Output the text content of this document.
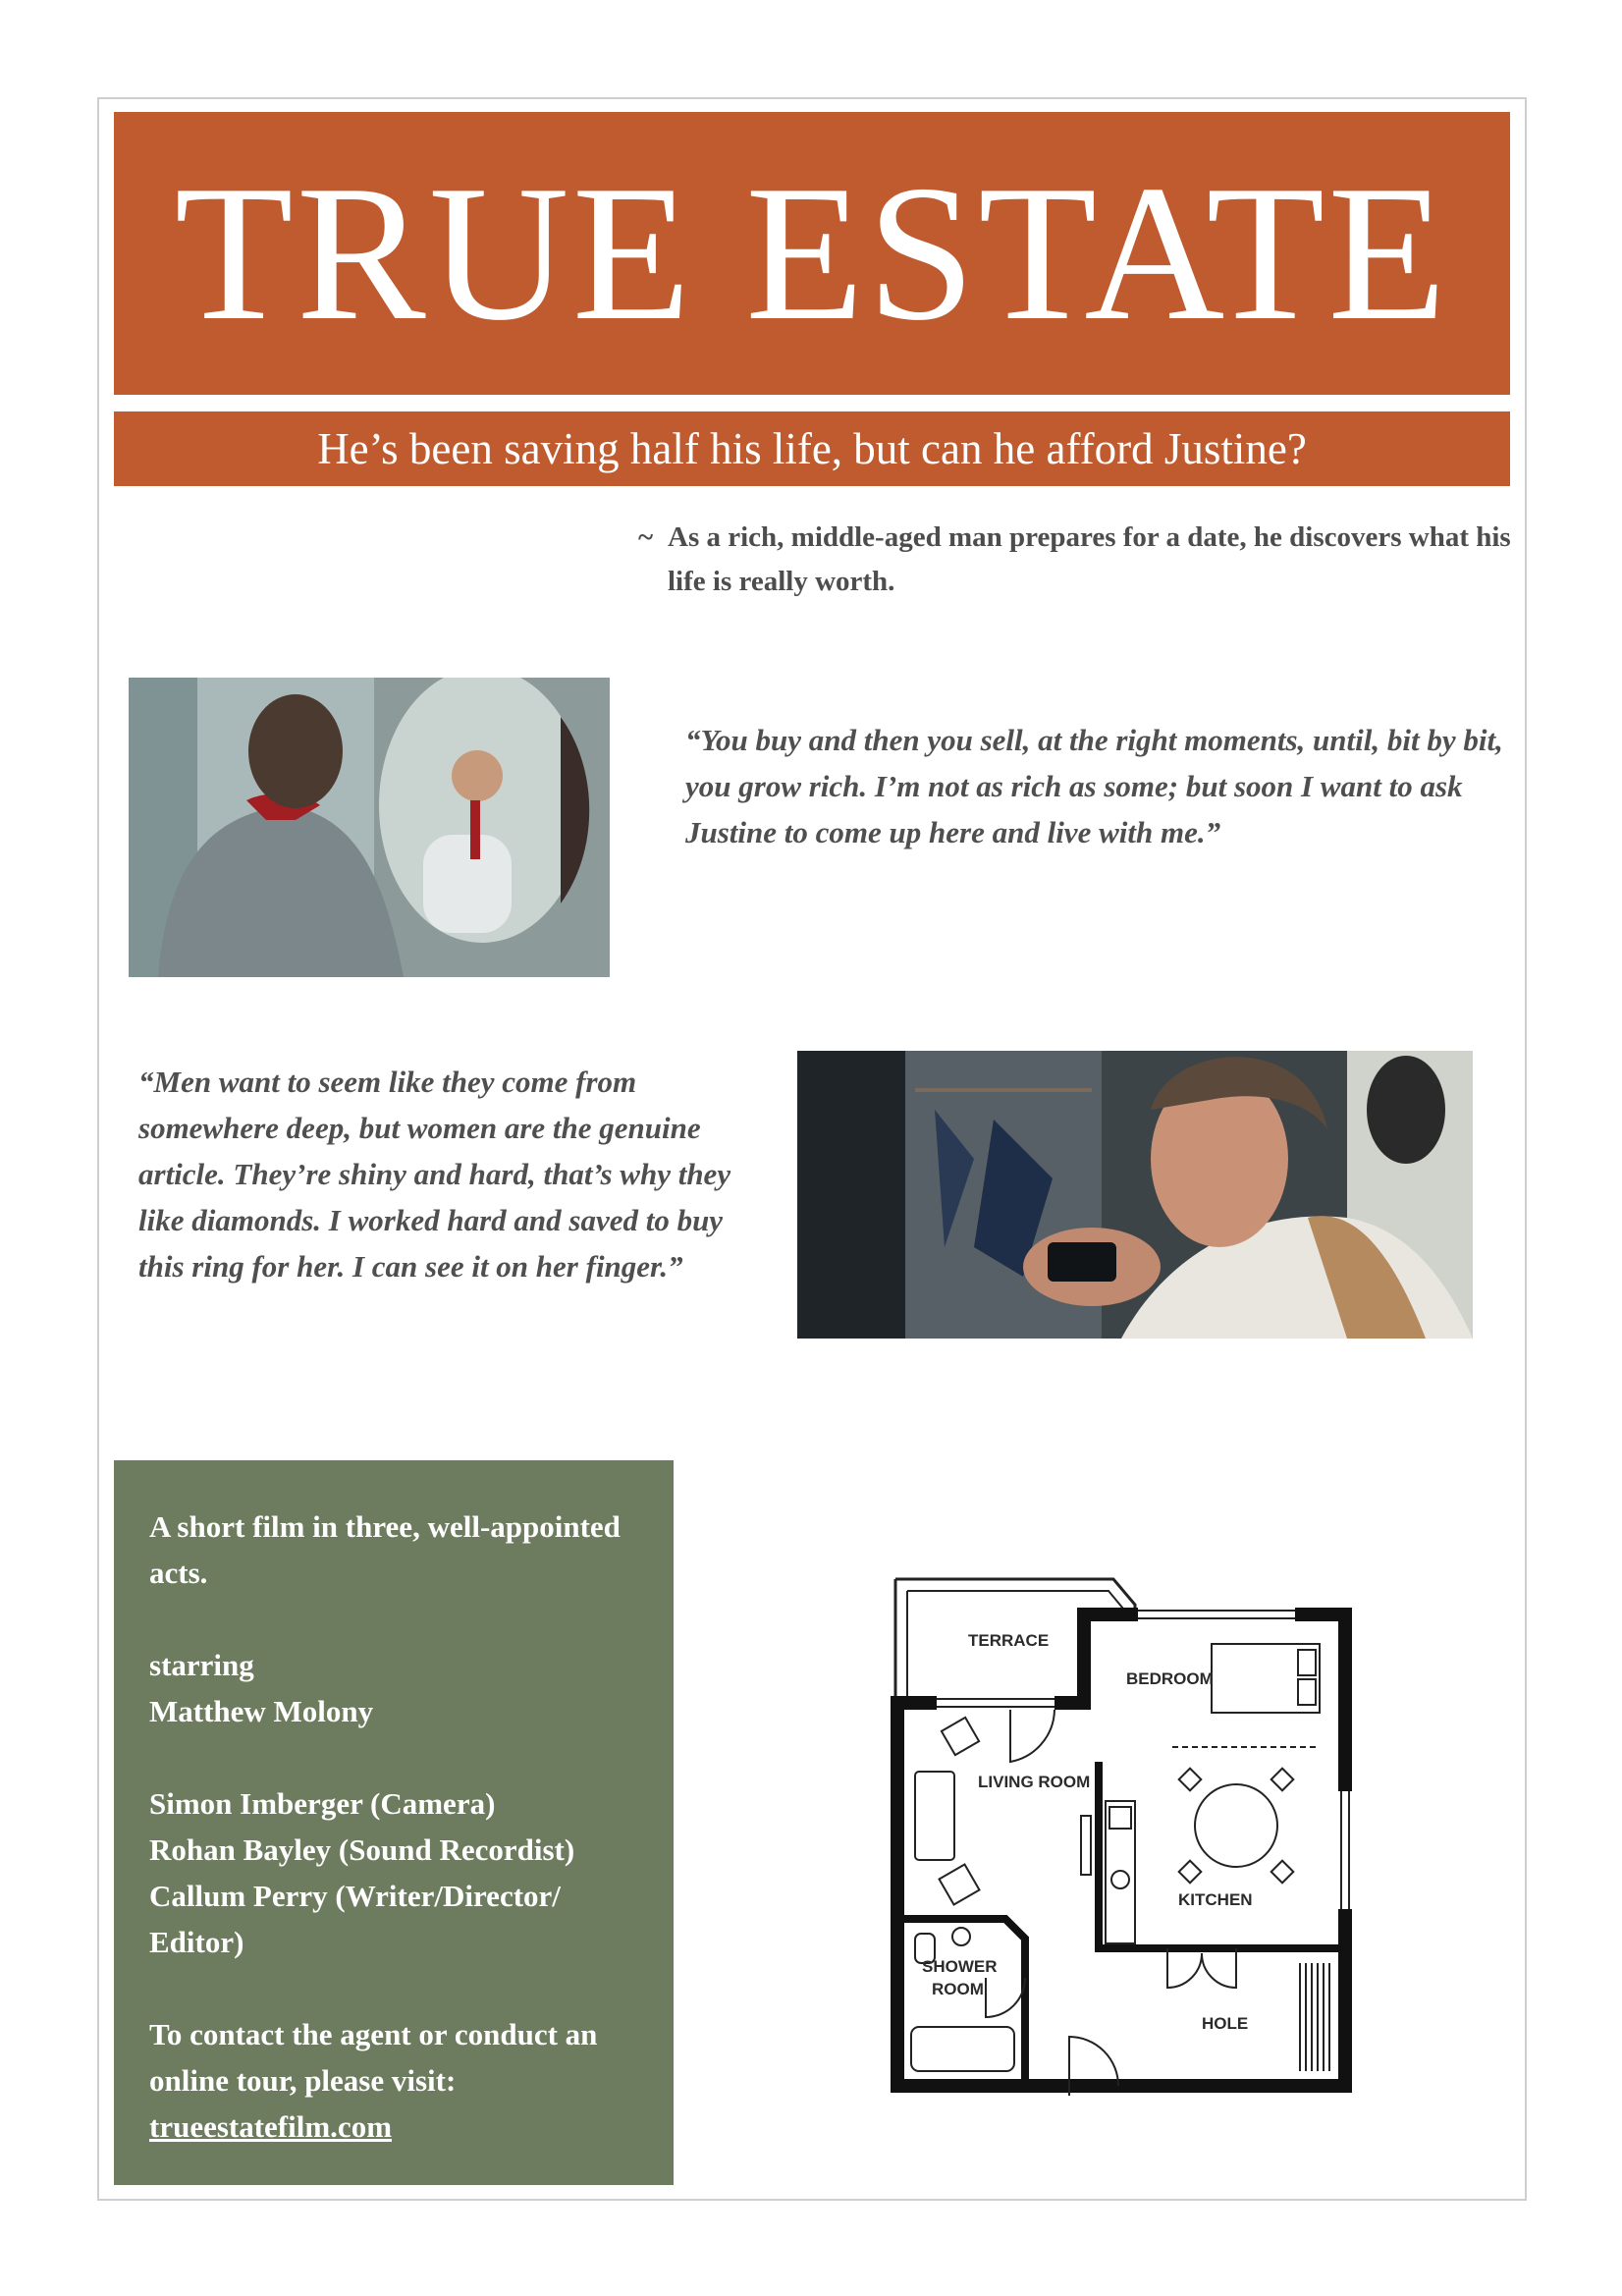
TRUE ESTATE
He’s been saving half his life, but can he afford Justine?
~ As a rich, middle-aged man prepares for a date, he discovers what his life is really worth.
“You buy and then you sell, at the right moments, until, bit by bit, you grow rich. I’m not as rich as some; but soon I want to ask Justine to come up here and live with me.”
“Men want to seem like they come from somewhere deep, but women are the genuine article. They’re shiny and hard, that’s why they like diamonds. I worked hard and saved to buy this ring for her. I can see it on her finger.”

A short film in three, well-appointed acts.

starring

Matthew Molony

Simon Imberger (Camera)

Rohan Bayley (Sound Recordist)

Callum Perry (Writer/Director/ Editor)

To contact the agent or conduct an online tour, please visit:

trueestatefilm.com

TERRACE
BEDROOM
LIVING ROOM
KITCHEN
SHOWER
ROOM
HOLE
